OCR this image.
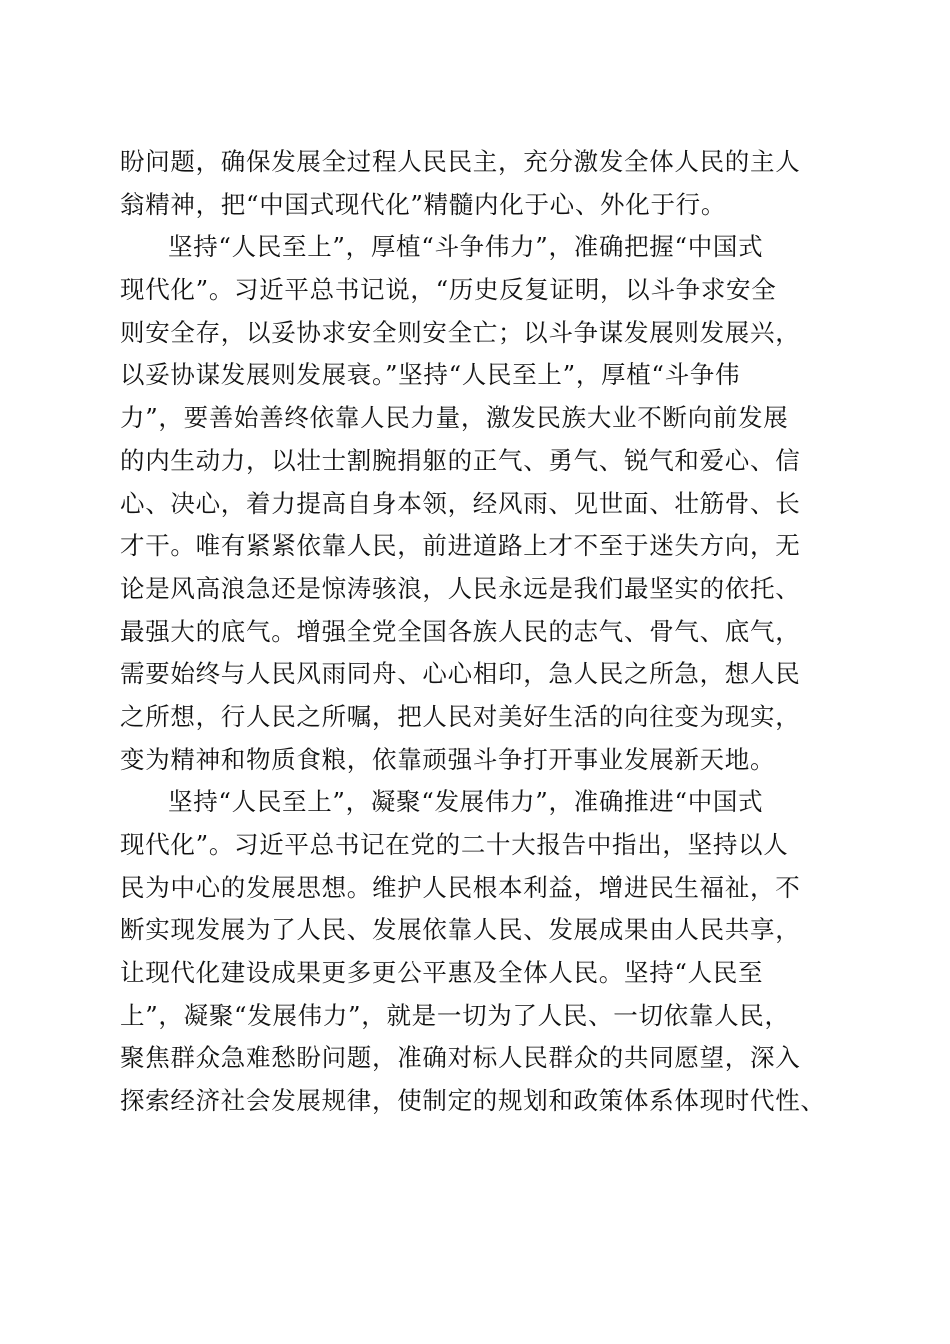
盼问题，确保发展全过程人民民主，充分激发全体人民的主人
翁精神，把“中国式现代化”精髓内化于心、外化于行。
坚持“人民至上”，厚植“斗争伟力”，准确把握“中国式
现代化”。习近平总书记说，“历史反复证明，以斗争求安全
则安全存，以妥协求安全则安全亡；以斗争谋发展则发展兴，
以妥协谋发展则发展衰。”坚持“人民至上”，厚植“斗争伟
力”，要善始善终依靠人民力量，激发民族大业不断向前发展
的内生动力，以壮士割腕捐躯的正气、勇气、锐气和爱心、信
心、决心，着力提高自身本领，经风雨、见世面、壮筋骨、长
才干。唯有紧紧依靠人民，前进道路上才不至于迷失方向，无
论是风高浪急还是惊涛骇浪，人民永远是我们最坚实的依托、
最强大的底气。增强全党全国各族人民的志气、骨气、底气，
需要始终与人民风雨同舟、心心相印，急人民之所急，想人民
之所想，行人民之所嘱，把人民对美好生活的向往变为现实，
变为精神和物质食粮，依靠顽强斗争打开事业发展新天地。
坚持“人民至上”，凝聚“发展伟力”，准确推进“中国式
现代化”。习近平总书记在党的二十大报告中指出，坚持以人
民为中心的发展思想。维护人民根本利益，增进民生福祉，不
断实现发展为了人民、发展依靠人民、发展成果由人民共享，
让现代化建设成果更多更公平惠及全体人民。坚持“人民至
上”，凝聚“发展伟力”，就是一切为了人民、一切依靠人民，
聚焦群众急难愁盼问题，准确对标人民群众的共同愿望，深入
探索经济社会发展规律，使制定的规划和政策体系体现时代性、
